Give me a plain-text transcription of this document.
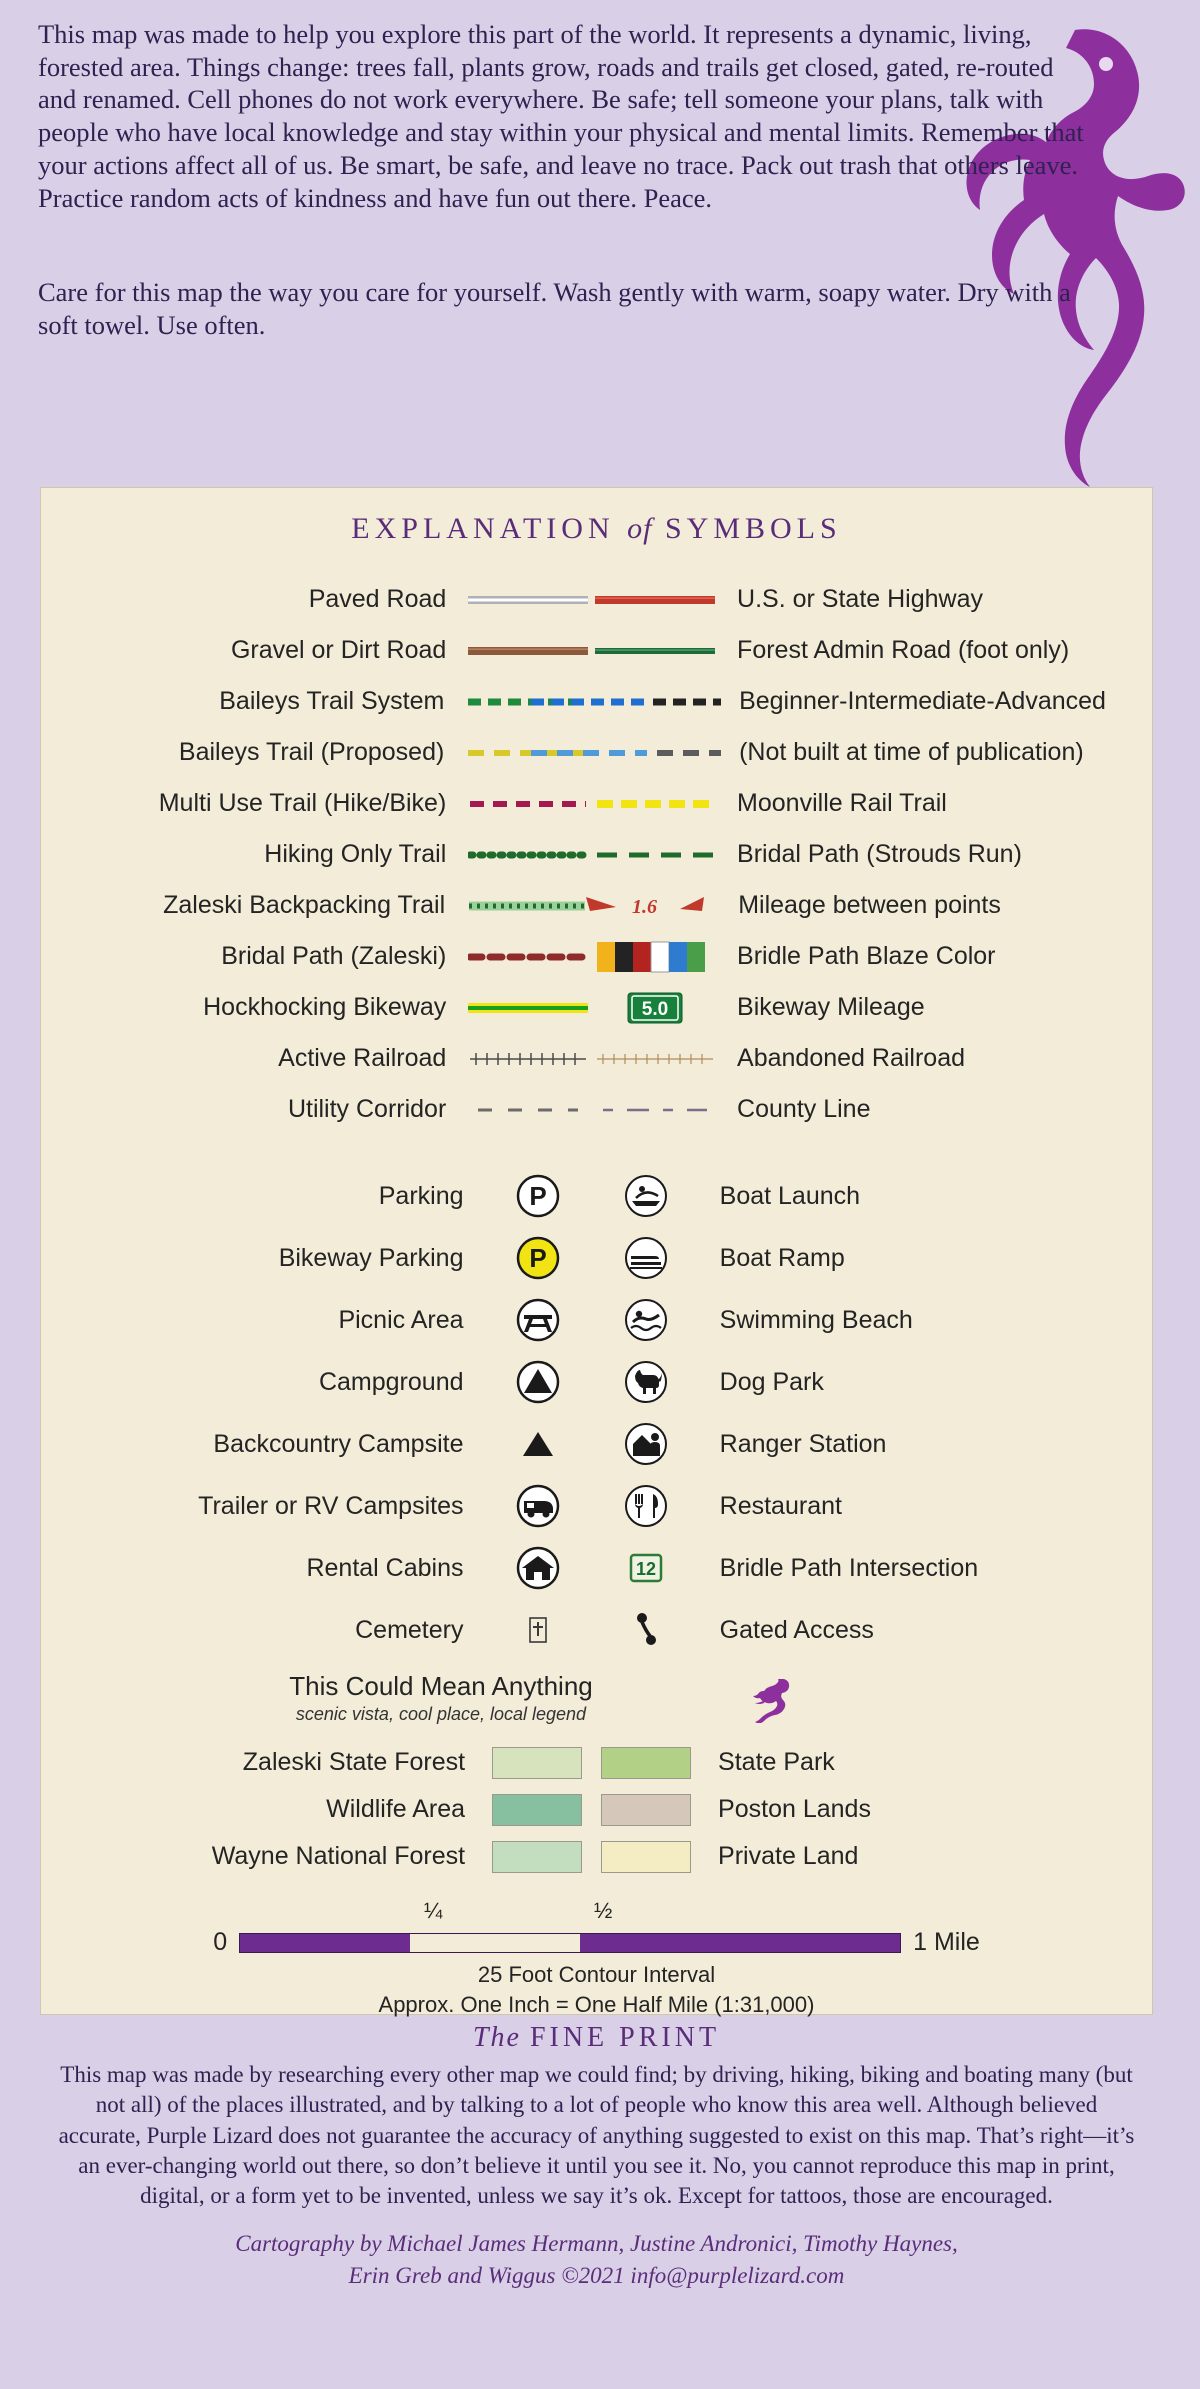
This map was made to help you explore this part of the world. It represents a dynamic, living, forested area. Things change: trees fall, plants grow, roads and trails get closed, gated, re-routed and renamed. Cell phones do not work everywhere. Be safe; tell someone your plans, talk with people who have local knowledge and stay within your physical and mental limits. Remember that your actions affect all of us. Be smart, be safe, and leave no trace. Pack out trash that others leave. Practice random acts of kindness and have fun out there. Peace.

Care for this map the way you care for yourself. Wash gently with warm, soapy water. Dry with a soft towel. Use often.

EXPLANATION of SYMBOLS
Paved Road	U.S. or State Highway
Gravel or Dirt Road	Forest Admin Road (foot only)
Baileys Trail System	Beginner-Intermediate-Advanced
Baileys Trail (Proposed)	(Not built at time of publication)
Multi Use Trail (Hike/Bike)	Moonville Rail Trail
Hiking Only Trail	Bridal Path (Strouds Run)
Zaleski Backpacking Trail	1.6	Mileage between points
Bridal Path (Zaleski)	Bridle Path Blaze Color
Hockhocking Bikeway	5.0	Bikeway Mileage
Active Railroad	Abandoned Railroad
Utility Corridor	County Line
Parking	P	Boat Launch
Bikeway Parking	P	Boat Ramp
Picnic Area	Swimming Beach
Campground	Dog Park
Backcountry Campsite	Ranger Station
Trailer or RV Campsites	Restaurant
Rental Cabins	12	Bridle Path Intersection
Cemetery	Gated Access
This Could Mean Anything
scenic vista, cool place, local legend
Zaleski State Forest	State Park
Wildlife Area	Poston Lands
Wayne National Forest	Private Land
¼	½
0	1 Mile
25 Foot Contour Interval
Approx. One Inch = One Half Mile (1:31,000)
The FINE PRINT
This map was made by researching every other map we could find; by driving, hiking, biking and boating many (but not all) of the places illustrated, and by talking to a lot of people who know this area well. Although believed accurate, Purple Lizard does not guarantee the accuracy of anything suggested to exist on this map. That’s right—it’s an ever-changing world out there, so don’t believe it until you see it. No, you cannot reproduce this map in print, digital, or a form yet to be invented, unless we say it’s ok. Except for tattoos, those are encouraged.
Cartography by Michael James Hermann, Justine Andronici, Timothy Haynes,
Erin Greb and Wiggus ©2021 info@purplelizard.com
